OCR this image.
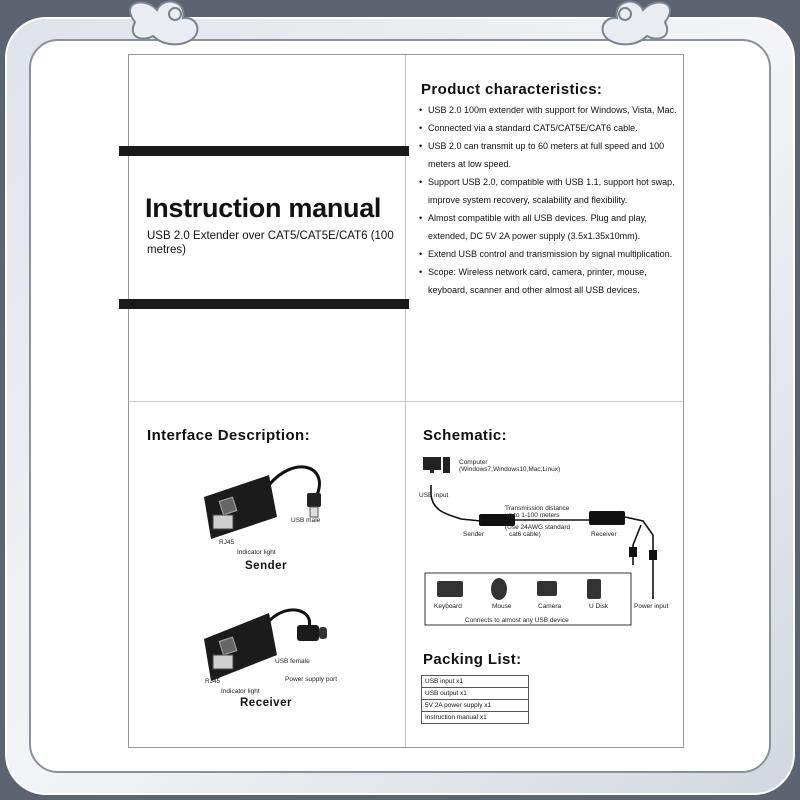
Instruction manual
USB 2.0 Extender over CAT5/CAT5E/CAT6 (100 metres)
Product characteristics:
• USB 2.0 100m extender with support for Windows, Vista, Mac.
• Connected via a standard CAT5/CAT5E/CAT6 cable.
• USB 2.0 can transmit up to 60 meters at full speed and 100 meters at low speed.
• Support USB 2.0, compatible with USB 1.1, support hot swap, improve system recovery, scalability and flexibility.
• Almost compatible with all USB devices. Plug and play, extended, DC 5V 2A power supply (3.5x1.35x10mm).
• Extend USB control and transmission by signal multiplication.
• Scope: Wireless network card, camera, printer, mouse, keyboard, scanner and other almost all USB devices.
Interface Description:
RJ45
Indicator light
USB male
Sender
RJ45
Indicator light
USB female
Power supply port
Receiver
Schematic:
Computer
(Windows7,Windows10,Mac,Linux)
USB input
Transmission distance
up to 1-100 meters
(Use 24AWG standard
cat6 cable)
Sender	Receiver
Power input
Keyboard	Mouse	Camera	U Disk
Connects to almost any USB device
Packing List:
USB input x1
USB output x1
5V 2A power supply x1
Instruction manual x1
